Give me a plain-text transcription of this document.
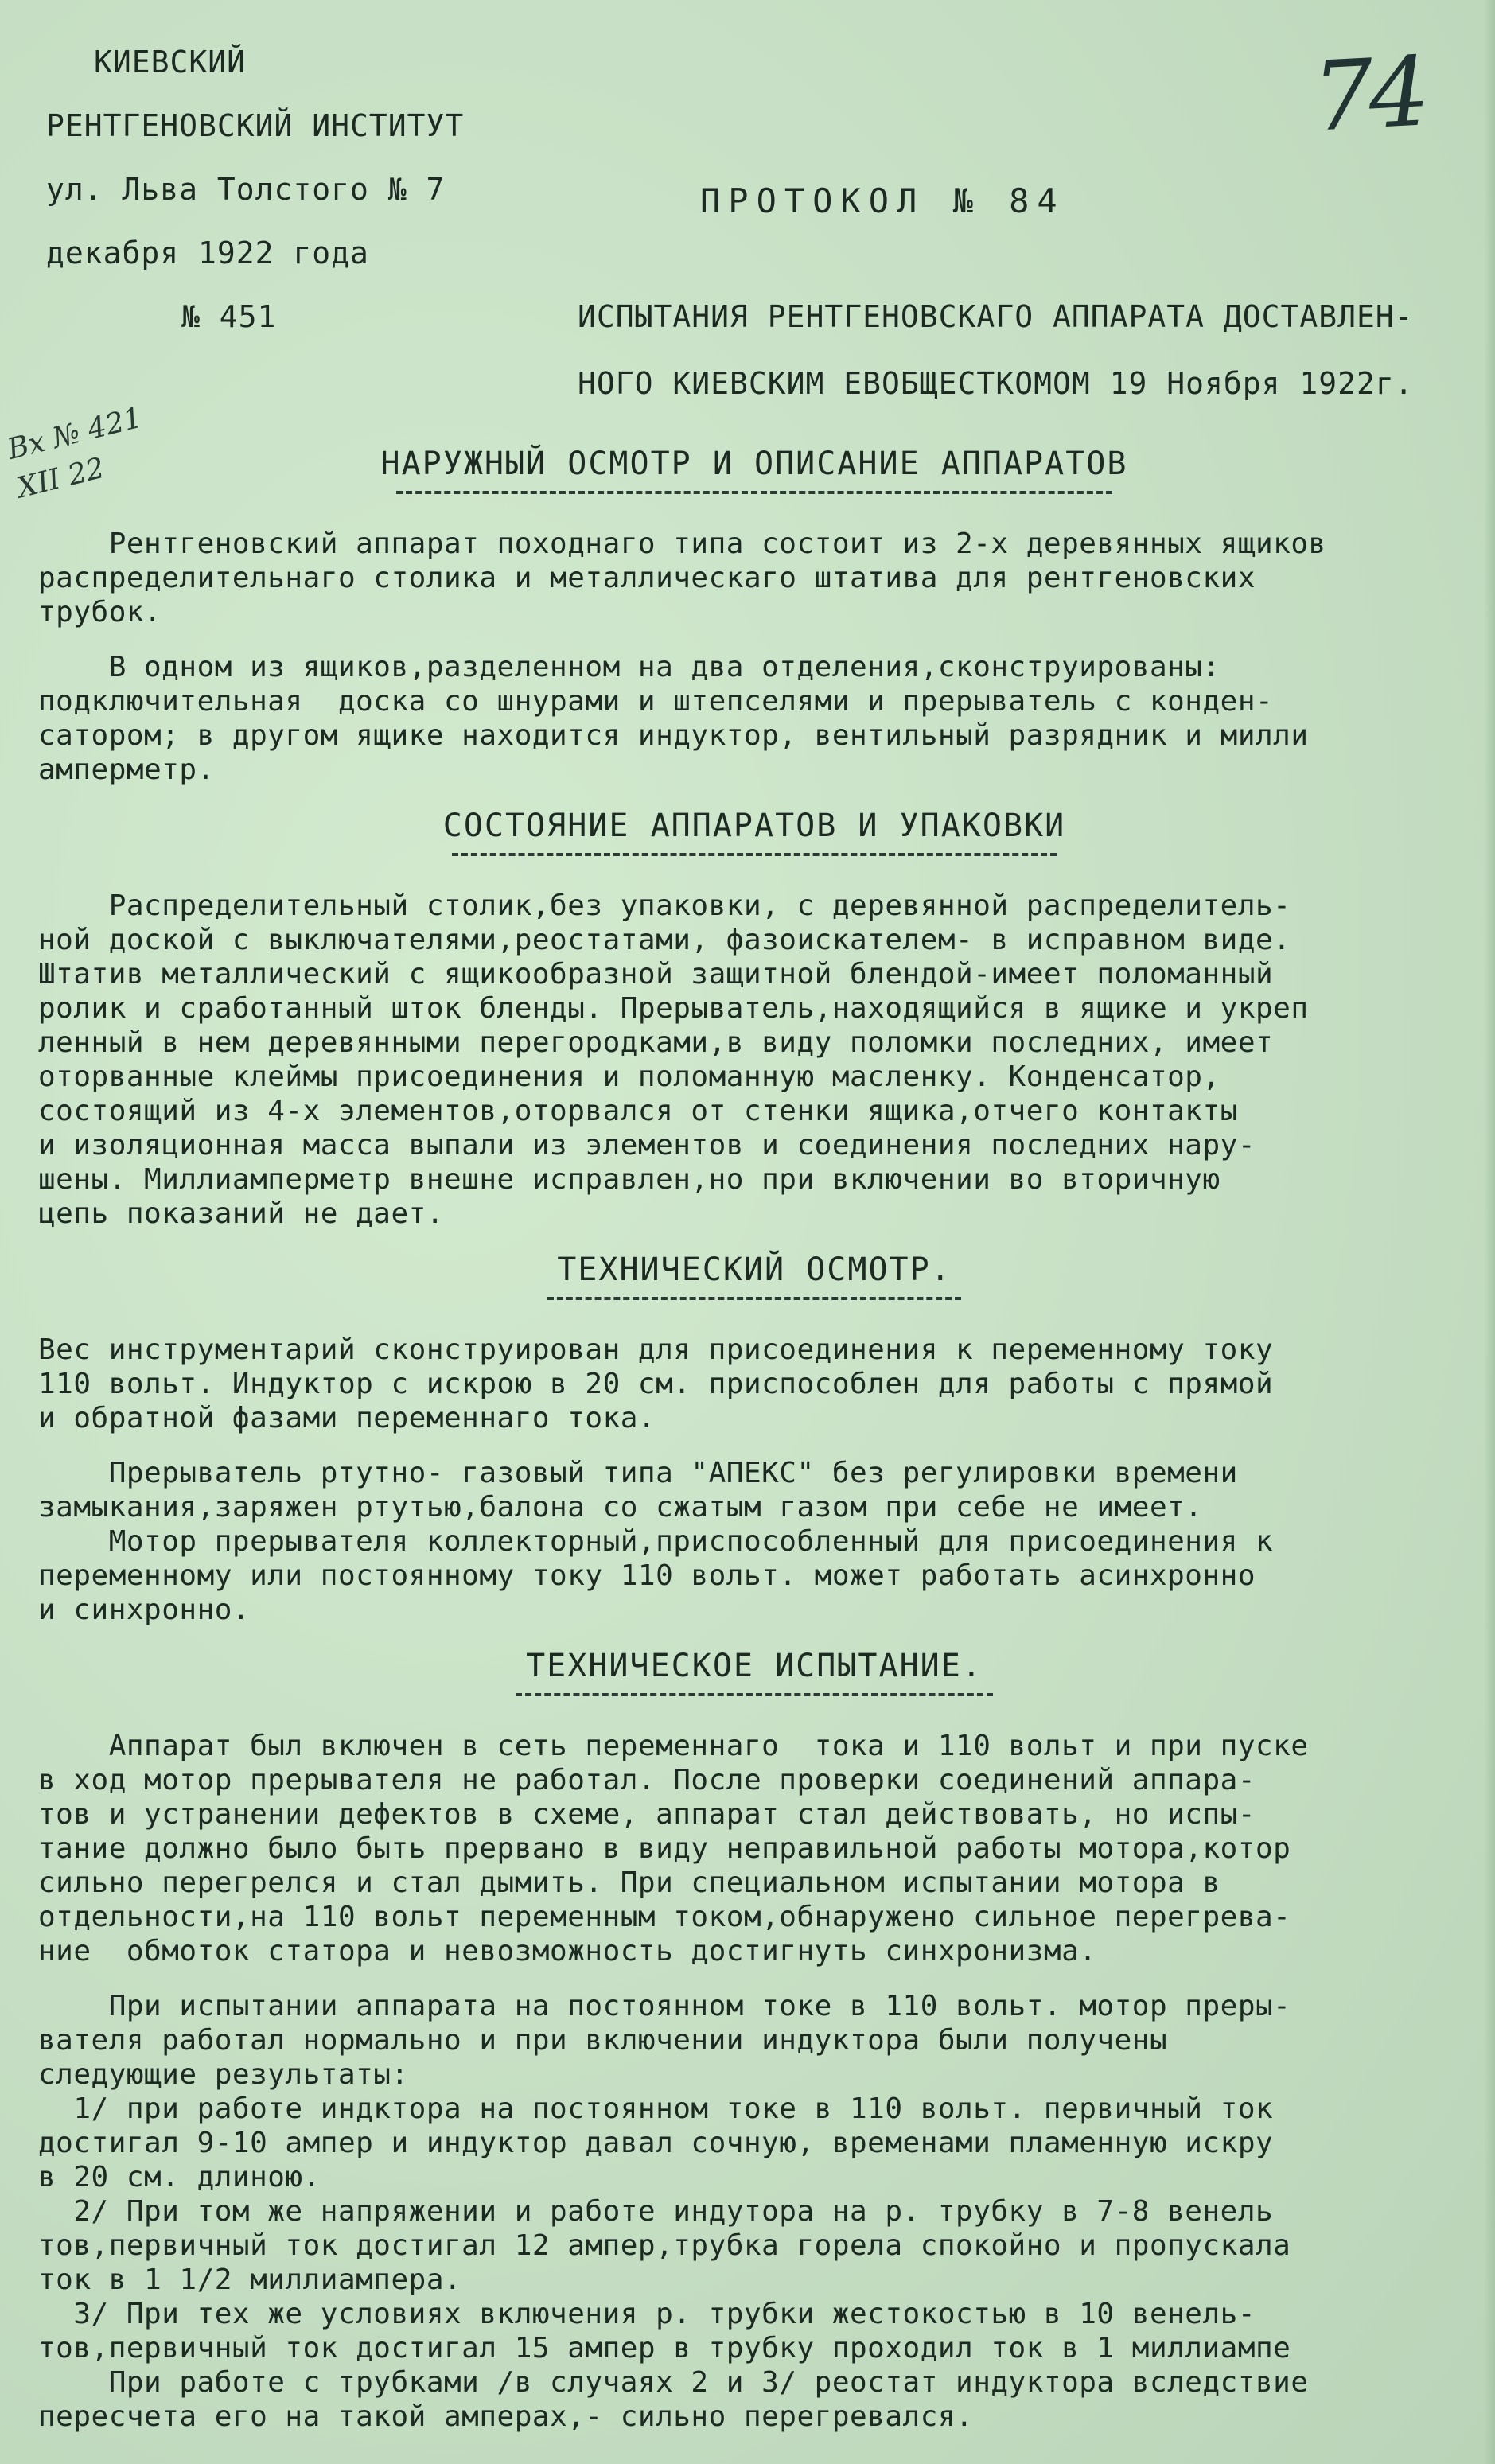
КИЕВСКИЙ
РЕНТГЕНОВСКИЙ ИНСТИТУТ
ул. Льва Толстого № 7
декабря 1922 года
№ 451
74
Вх № 421
XII 22
ПРОТОКОЛ № 84
ИСПЫТАНИЯ РЕНТГЕНОВСКАГО АППАРАТА ДОСТАВЛЕН-
НОГО КИЕВСКИМ ЕВОБЩЕСТКОМОМ 19 Ноября 1922г.
НАРУЖНЫЙ ОСМОТР И ОПИСАНИЕ АППАРАТОВ
Рентгеновский аппарат походнаго типа состоит из 2-х деревянных ящиков
распределительнаго столика и металлическаго штатива для рентгеновских
трубок.
В одном из ящиков,разделенном на два отделения,сконструированы:
подключительная  доска со шнурами и штепселями и прерыватель с конден-
сатором; в другом ящике находится индуктор, вентильный разрядник и милли
амперметр.
СОСТОЯНИЕ АППАРАТОВ И УПАКОВКИ
Распределительный столик,без упаковки, с деревянной распределитель-
ной доской с выключателями,реостатами, фазоискателем- в исправном виде.
Штатив металлический с ящикообразной защитной блендой-имеет поломанный
ролик и сработанный шток бленды. Прерыватель,находящийся в ящике и укреп
ленный в нем деревянными перегородками,в виду поломки последних, имеет
оторванные клеймы присоединения и поломанную масленку. Конденсатор,
состоящий из 4-х элементов,оторвался от стенки ящика,отчего контакты
и изоляционная масса выпали из элементов и соединения последних нару-
шены. Миллиамперметр внешне исправлен,но при включении во вторичную
цепь показаний не дает.
ТЕХНИЧЕСКИЙ ОСМОТР.
Вес инструментарий сконструирован для присоединения к переменному току
110 вольт. Индуктор с искрою в 20 см. приспособлен для работы с прямой
и обратной фазами переменнаго тока.
Прерыватель ртутно- газовый типа "АПЕКС" без регулировки времени
замыкания,заряжен ртутью,балона со сжатым газом при себе не имеет.
Мотор прерывателя коллекторный,приспособленный для присоединения к
переменному или постоянному току 110 вольт. может работать асинхронно
и синхронно.
ТЕХНИЧЕСКОЕ ИСПЫТАНИЕ.
Аппарат был включен в сеть переменнаго  тока и 110 вольт и при пуске
в ход мотор прерывателя не работал. После проверки соединений аппара-
тов и устранении дефектов в схеме, аппарат стал действовать, но испы-
тание должно было быть прервано в виду неправильной работы мотора,котор
сильно перегрелся и стал дымить. При специальном испытании мотора в
отдельности,на 110 вольт переменным током,обнаружено сильное перегрева-
ние  обмоток статора и невозможность достигнуть синхронизма.
При испытании аппарата на постоянном токе в 110 вольт. мотор преры-
вателя работал нормально и при включении индуктора были получены
следующие результаты:
1/ при работе индктора на постоянном токе в 110 вольт. первичный ток
достигал 9-10 ампер и индуктор давал сочную, временами пламенную искру
в 20 см. длиною.
2/ При том же напряжении и работе индутора на р. трубку в 7-8 венель
тов,первичный ток достигал 12 ампер,трубка горела спокойно и пропускала
ток в 1 1/2 миллиампера.
3/ При тех же условиях включения р. трубки жестокостью в 10 венель-
тов,первичный ток достигал 15 ампер в трубку проходил ток в 1 миллиампе
При работе с трубками /в случаях 2 и 3/ реостат индуктора вследствие
пересчета его на такой амперах,- сильно перегревался.
